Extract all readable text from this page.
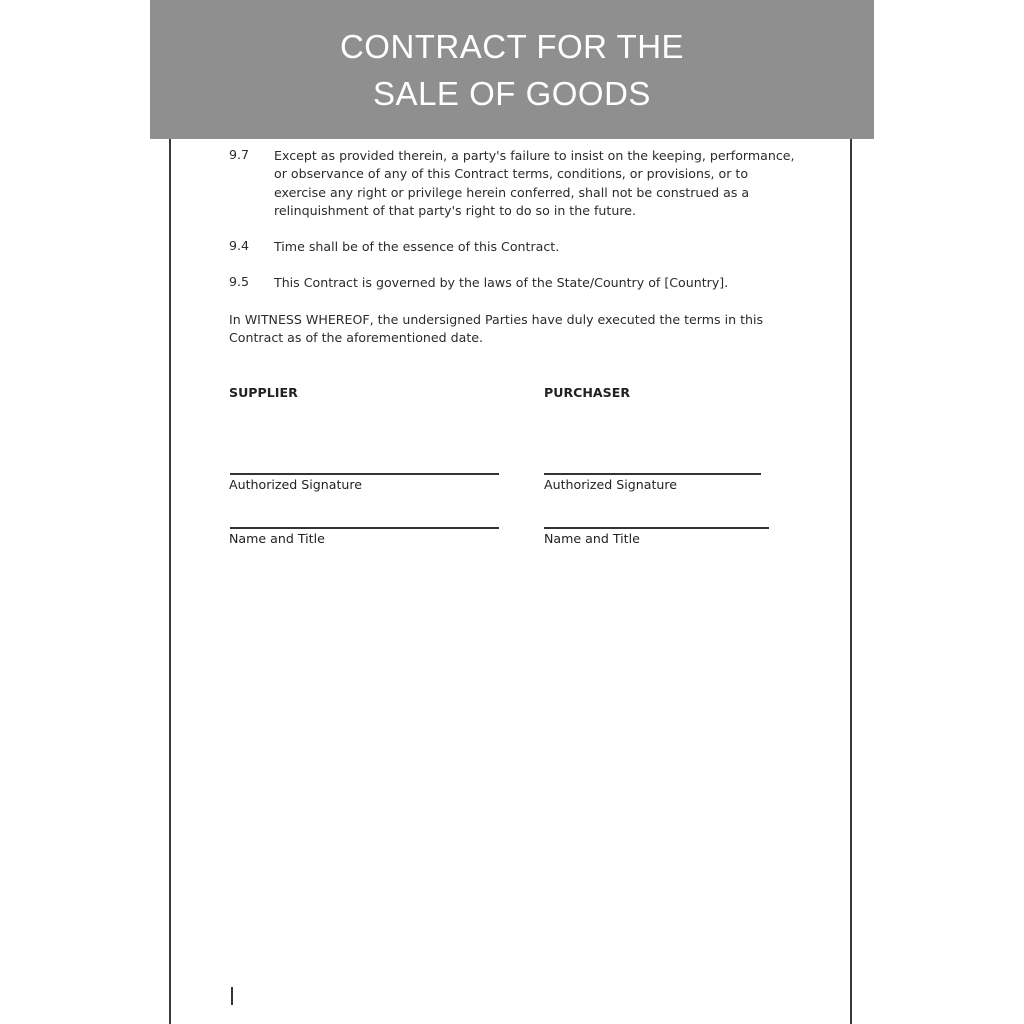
CONTRACT FOR THE
SALE OF GOODS
9.7 Except as provided therein, a party's failure to insist on the keeping, performance, or observance of any of this Contract terms, conditions, or provisions, or to exercise any right or privilege herein conferred, shall not be construed as a relinquishment of that party's right to do so in the future.
9.4 Time shall be of the essence of this Contract.
9.5 This Contract is governed by the laws of the State/Country of [Country].
In WITNESS WHEREOF, the undersigned Parties have duly executed the terms in this Contract as of the aforementioned date.
SUPPLIER
Authorized Signature
Name and Title
PURCHASER
Authorized Signature
Name and Title
